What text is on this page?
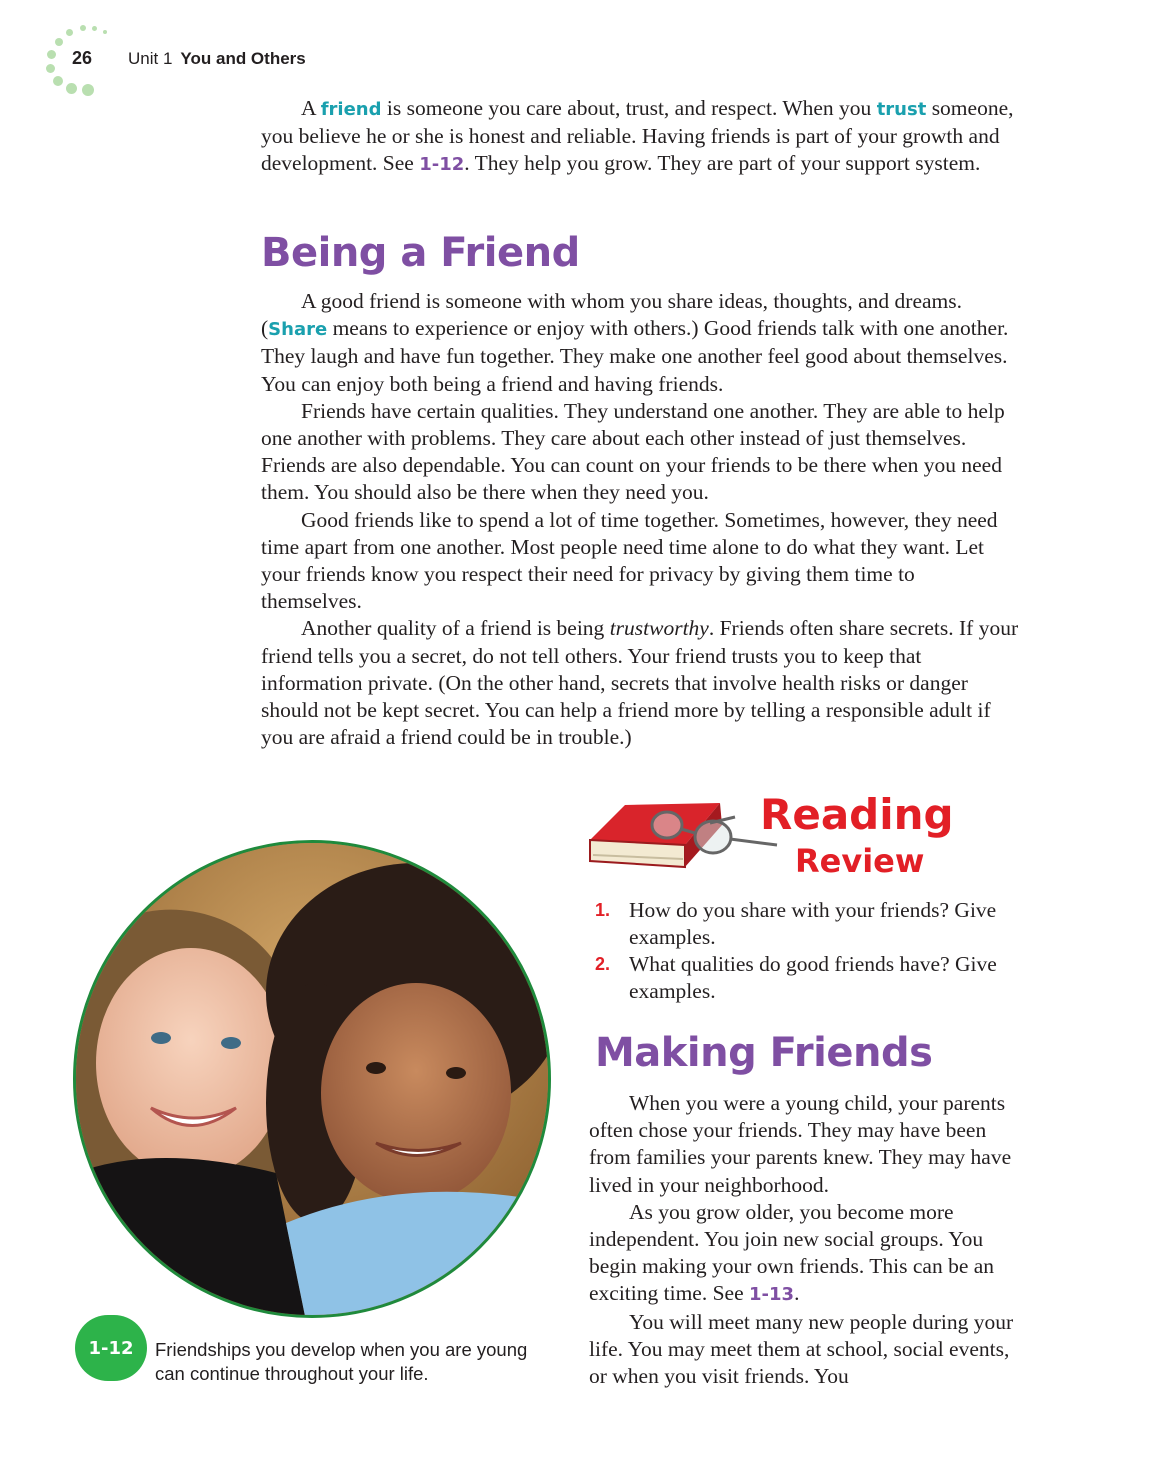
26 Unit 1 You and Others

A friend is someone you care about, trust, and respect. When you trust someone, you believe he or she is honest and reliable. Having friends is part of your growth and development. See 1-12. They help you grow. They are part of your support system.

Being a Friend

A good friend is someone with whom you share ideas, thoughts, and dreams. (Share means to experience or enjoy with others.) Good friends talk with one another. They laugh and have fun together. They make one another feel good about themselves. You can enjoy both being a friend and having friends.

Friends have certain qualities. They understand one another. They are able to help one another with problems. They care about each other instead of just themselves. Friends are also dependable. You can count on your friends to be there when you need them. You should also be there when they need you.

Good friends like to spend a lot of time together. Sometimes, however, they need time apart from one another. Most people need time alone to do what they want. Let your friends know you respect their need for privacy by giving them time to themselves.

Another quality of a friend is being trustworthy. Friends often share secrets. If your friend tells you a secret, do not tell others. Your friend trusts you to keep that information private. (On the other hand, secrets that involve health risks or danger should not be kept secret. You can help a friend more by telling a responsible adult if you are afraid a friend could be in trouble.)

1-12	Friendships you develop when you are young can continue throughout your life.
Reading
Review
1. How do you share with your friends? Give examples.
2. What qualities do good friends have? Give examples.
Making Friends

When you were a young child, your parents often chose your friends. They may have been from families your parents knew. They may have lived in your neighborhood.

As you grow older, you become more independent. You join new social groups. You begin making your own friends. This can be an exciting time. See 1-13.

You will meet many new people during your life. You may meet them at school, social events, or when you visit friends. You
